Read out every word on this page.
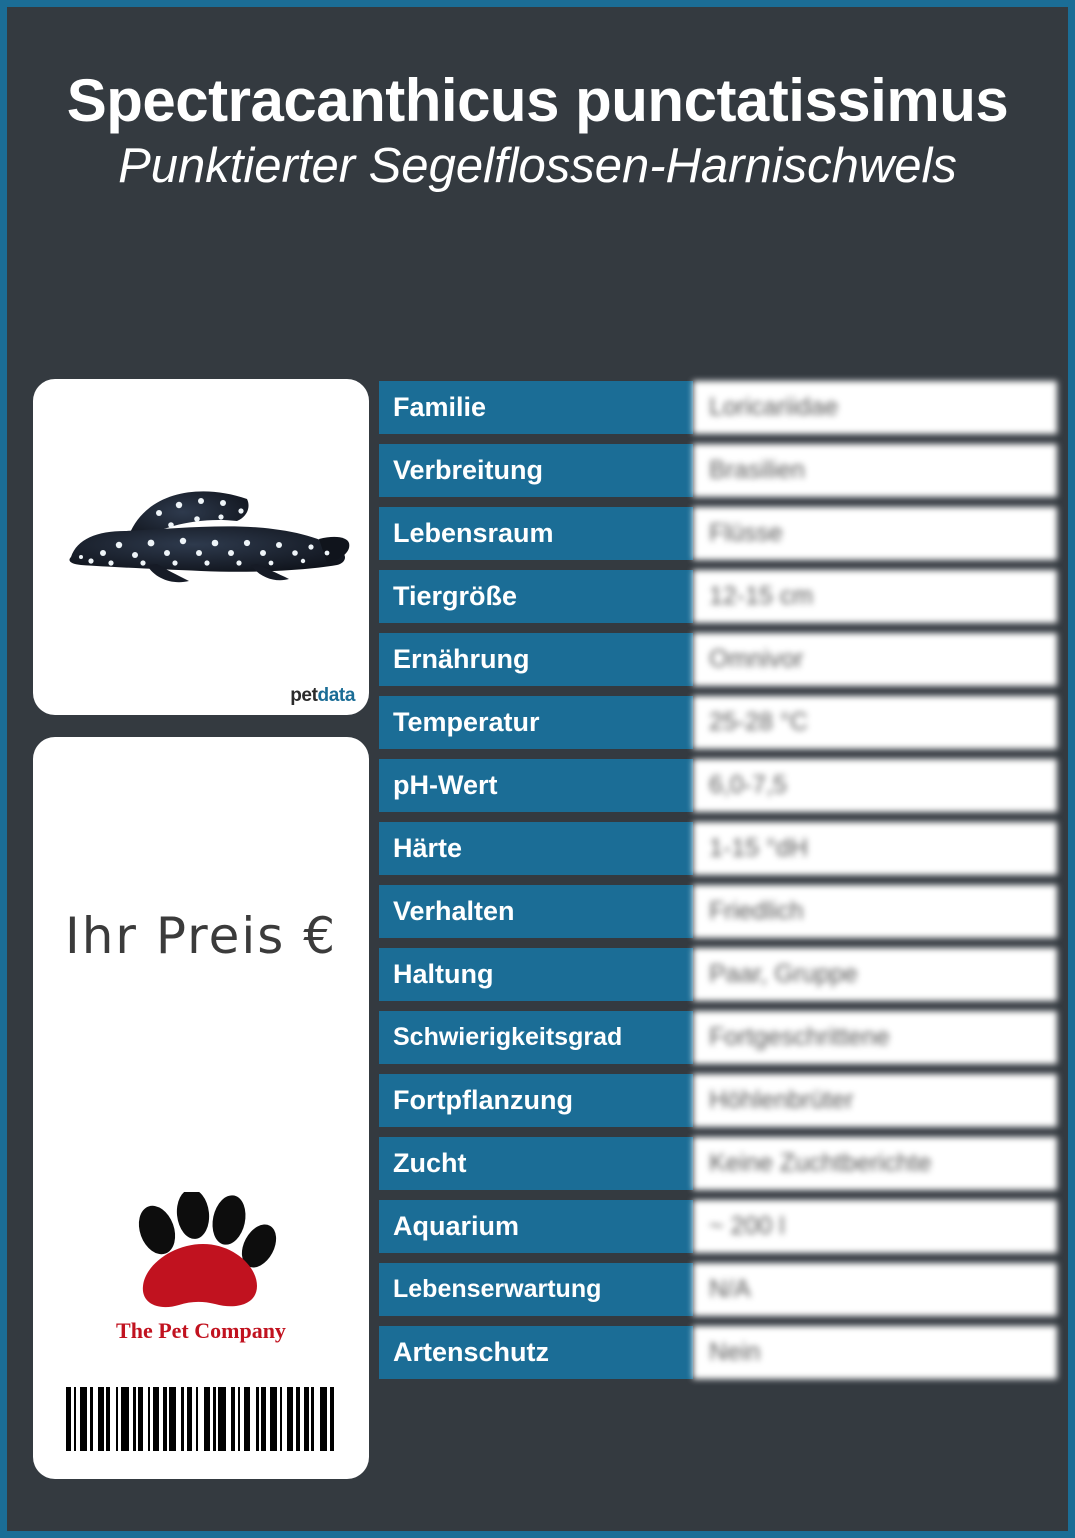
Spectracanthicus punctatissimus
Punktierter Segelflossen-Harnischwels
petdata
Ihr Preis €
The Pet Company
Familie	Loricariidae
Verbreitung	Brasilien
Lebensraum	Flüsse
Tiergröße	12-15 cm
Ernährung	Omnivor
Temperatur	25-28 °C
pH-Wert	6,0-7,5
Härte	1-15 °dH
Verhalten	Friedlich
Haltung	Paar, Gruppe
Schwierigkeitsgrad	Fortgeschrittene
Fortpflanzung	Höhlenbrüter
Zucht	Keine Zuchtberichte
Aquarium	~ 200 l
Lebenserwartung	N/A
Artenschutz	Nein
